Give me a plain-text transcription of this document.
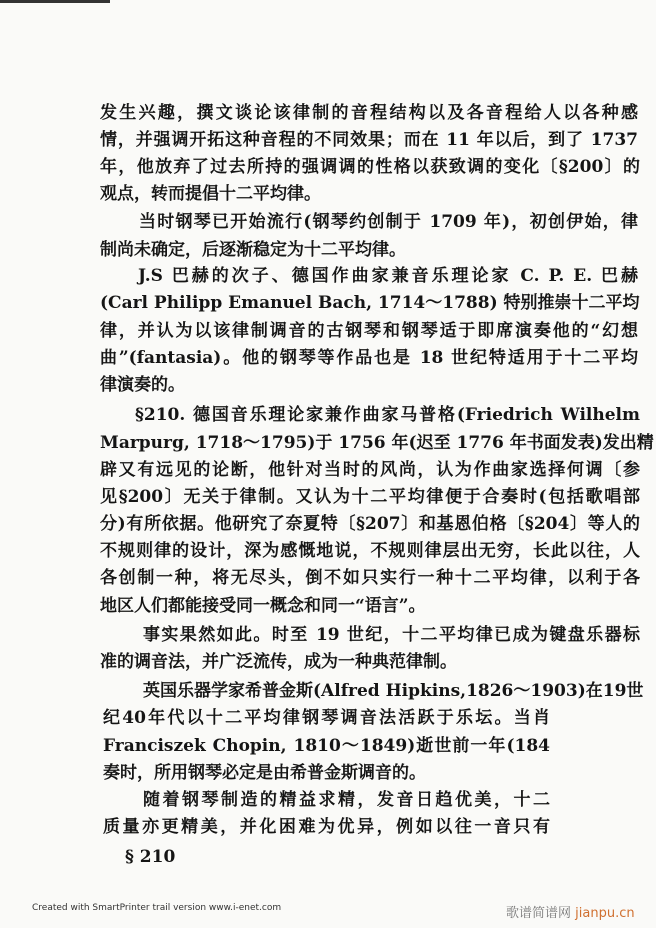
发生兴趣，撰文谈论该律制的音程结构以及各音程给人以各种感
情，并强调开拓这种音程的不同效果；而在 11 年以后，到了 1737
年，他放弃了过去所持的强调调的性格以获致调的变化〔§200〕的
观点，转而提倡十二平均律。
当时钢琴已开始流行(钢琴约创制于 1709 年)，初创伊始，律
制尚未确定，后逐渐稳定为十二平均律。
J.S 巴赫的次子、德国作曲家兼音乐理论家 C. P. E. 巴赫
(Carl Philipp Emanuel Bach, 1714～1788) 特别推崇十二平均
律，并认为以该律制调音的古钢琴和钢琴适于即席演奏他的“幻想
曲”(fantasia)。他的钢琴等作品也是 18 世纪特适用于十二平均
律演奏的。
§210. 德国音乐理论家兼作曲家马普格(Friedrich Wilhelm
Marpurg, 1718～1795)于 1756 年(迟至 1776 年书面发表)发出精
辟又有远见的论断，他针对当时的风尚，认为作曲家选择何调〔参
见§200〕无关于律制。又认为十二平均律便于合奏时(包括歌唱部
分)有所依据。他研究了奈夏特〔§207〕和基恩伯格〔§204〕等人的
不规则律的设计，深为感慨地说，不规则律层出无穷，长此以往，人
各创制一种，将无尽头，倒不如只实行一种十二平均律，以利于各
地区人们都能接受同一概念和同一“语言”。
事实果然如此。时至 19 世纪，十二平均律已成为键盘乐器标
准的调音法，并广泛流传，成为一种典范律制。
英国乐器学家希普金斯(Alfred Hipkins,1826～1903)在19世
纪40年代以十二平均律钢琴调音法活跃于乐坛。当肖
Franciszek Chopin, 1810～1849)逝世前一年(184
奏时，所用钢琴必定是由希普金斯调音的。
随着钢琴制造的精益求精，发音日趋优美，十二
质量亦更精美，并化困难为优异，例如以往一音只有
§ 210
Created with SmartPrinter trail version www.i-enet.com	歌谱简谱网 jianpu.cn
